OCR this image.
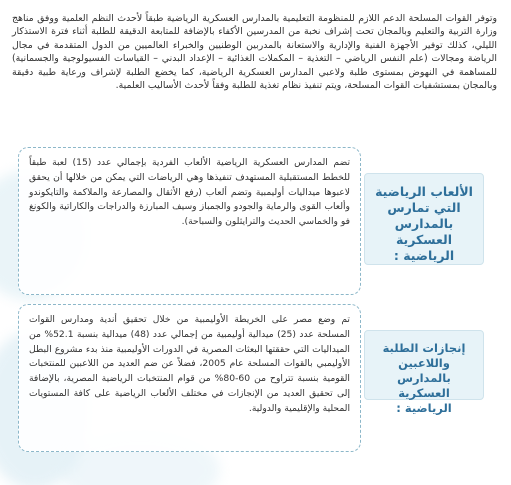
وتوفر القوات المسلحة الدعم اللازم للمنظومة التعليمية بالمدارس العسكرية الرياضية طبقاً لأحدث النظم العلمية ووفق مناهج وزارة التربية والتعليم وبالمجان تحت إشراف نخبة من المدرسين الأكفاء بالإضافة للمتابعة الدقيقة للطلبة أثناء فترة الاستذكار الليلي، كذلك توفير الأجهزة الفنية والإدارية والاستعانة بالمدربين الوطنيين والخبراء العالميين من الدول المتقدمة في مجال الرياضة ومجالات (علم النفس الرياضي – التغذية – المكملات الغذائية – الإعداد البدني – القياسات الفسيولوجية والجسمانية) للمساهمة في النهوض بمستوى طلبة ولاعبي المدارس العسكرية الرياضية، كما يخضع الطلبة لإشراف ورعاية طبية دقيقة وبالمجان بمستشفيات القوات المسلحة، ويتم تنفيذ نظام تغذية للطلبة وفقاً لأحدث الأساليب العلمية.

الألعاب الرياضية
التي تمارس بالمدارس
العسكرية الرياضية :
تضم المدارس العسكرية الرياضية الألعاب الفردية بإجمالي عدد (15) لعبة طبقاً للخطط المستقبلية المستهدف تنفيذها وهي الرياضات التي يمكن من خلالها أن يحقق لاعبوها ميداليات أوليمبية وتضم ألعاب (رفع الأثقال والمصارعة والملاكمة والتايكوندو وألعاب القوى والرماية والجودو والجمباز وسيف المبارزة والدراجات والكاراتية والكونغ فو والخماسي الحديث والترايثلون والسباحة).
إنجازات الطلبة
واللاعبين بالمدارس
العسكرية الرياضية :
تم وضع مصر على الخريطة الأوليمبية من خلال تحقيق أندية ومدارس القوات المسلحة عدد (25) ميدالية أوليمبية من إجمالي عدد (48) ميدالية بنسبة 52.1% من الميداليات التي حققتها البعثات المصرية في الدورات الأوليمبية منذ بدء مشروع البطل الأوليمبي بالقوات المسلحة عام 2005، فضلاً عن ضم العديد من اللاعبين للمنتخبات القومية بنسبة تتراوح من 60-80% من قوام المنتخبات الرياضية المصرية، بالإضافة إلى تحقيق العديد من الإنجازات في مختلف الألعاب الرياضية على كافة المستويات المحلية والإقليمية والدولية.
